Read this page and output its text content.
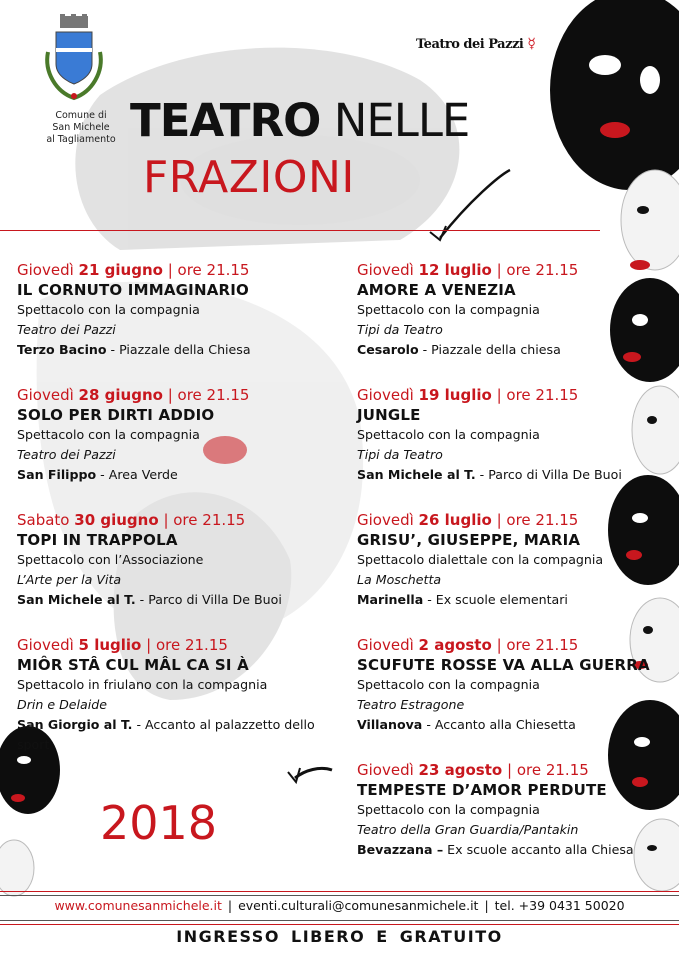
Comune di
San Michele
al Tagliamento
Teatro dei Pazzi ☿
TEATRO NELLE
FRAZIONI
Giovedì 21 giugno | ore 21.15
IL CORNUTO IMMAGINARIO
Spettacolo con la compagnia
Teatro dei Pazzi
Terzo Bacino - Piazzale della Chiesa
Giovedì 28 giugno | ore 21.15
SOLO PER DIRTI ADDIO
Spettacolo con la compagnia
Teatro dei Pazzi
San Filippo - Area Verde
Sabato 30 giugno | ore 21.15
TOPI IN TRAPPOLA
Spettacolo con l’Associazione
L’Arte per la Vita
San Michele al T. - Parco di Villa De Buoi
Giovedì 5 luglio | ore 21.15
MIÔR STÂ CUL MÂL CA SI À
Spettacolo in friulano con la compagnia
Drin e Delaide
San Giorgio al T. - Accanto al palazzetto dello sport
Giovedì 12 luglio | ore 21.15
AMORE A VENEZIA
Spettacolo con la compagnia
Tipi da Teatro
Cesarolo - Piazzale della chiesa
Giovedì 19 luglio | ore 21.15
JUNGLE
Spettacolo con la compagnia
Tipi da Teatro
San Michele al T. - Parco di Villa De Buoi
Giovedì 26 luglio | ore 21.15
GRISU’, GIUSEPPE, MARIA
Spettacolo dialettale con la compagnia
La Moschetta
Marinella - Ex scuole elementari
Giovedì 2 agosto | ore 21.15
SCUFUTE ROSSE VA ALLA GUERRA
Spettacolo con la compagnia
Teatro Estragone
Villanova - Accanto alla Chiesetta
Giovedì 23 agosto | ore 21.15
TEMPESTE D’AMOR PERDUTE
Spettacolo con la compagnia
Teatro della Gran Guardia/Pantakin
Bevazzana – Ex scuole accanto alla Chiesa
2018
www.comunesanmichele.it | eventi.culturali@comunesanmichele.it | tel. +39 0431 50020
INGRESSO LIBERO E GRATUITO
